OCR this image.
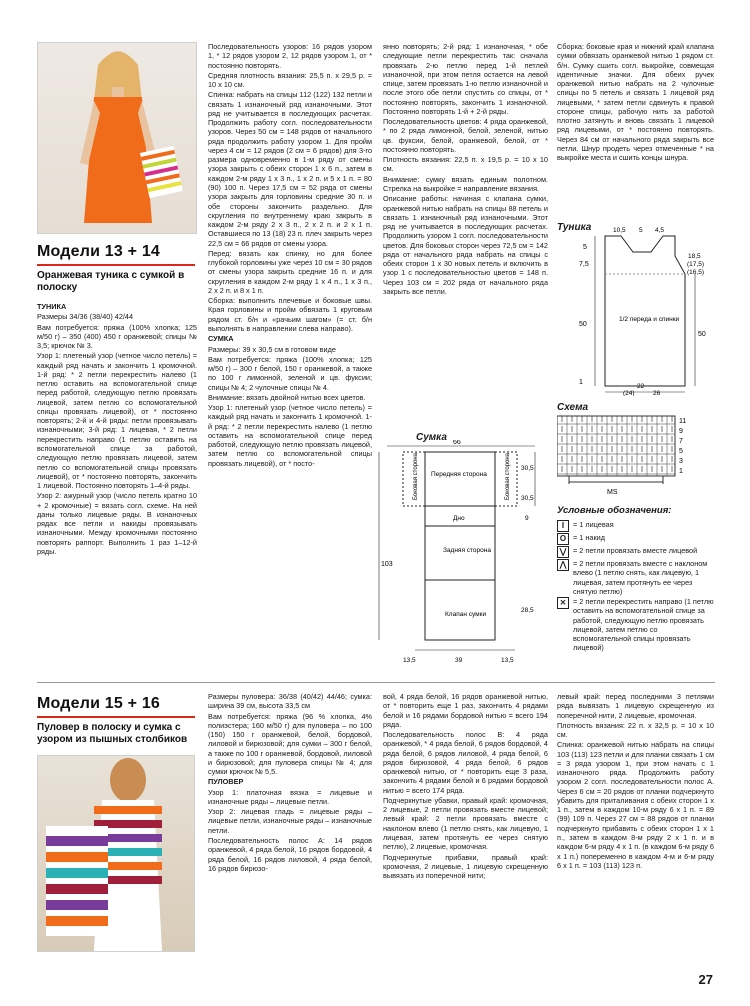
Модели 13 + 14
Оранжевая туника с сумкой в полоску

ТУНИКА

Размеры 34/36 (38/40) 42/44

Вам потребуется: пряжа (100% хлопка; 125 м/50 г) – 350 (400) 450 г оранжевой; спицы № 3,5; крючок № 3.

Узор 1: плетеный узор (четное число петель) = каждый ряд начать и закончить 1 кромочной. 1-й ряд: * 2 петли перекрестить налево (1 петлю оставить на вспомогательной спице перед работой, следующую петлю провязать лицевой, затем петлю со вспомогательной спицы провязать лицевой), от * постоянно повторять; 2-й и 4-й ряды: петли провязывать изнаночными; 3-й ряд: 1 лицевая, * 2 петли перекрестить направо (1 петлю оставить на вспомогательной спице за работой, следующую петлю провязать лицевой, затем петлю со вспомогательной спицы провязать лицевой), от * постоянно повторять, закончить 1 лицевой. Постоянно повторять 1–4-й ряды.

Узор 2: ажурный узор (число петель кратно 10 + 2 кромочные) = вязать согл. схеме. На ней даны только лицевые ряды. В изнаночных рядах все петли и накиды провязывать изнаночными. Между кромочными постоянно повторять раппорт. Выполнить 1 раз 1–12-й ряды.

Последовательность узоров: 16 рядов узором 1, * 12 рядов узором 2, 12 рядов узором 1, от * постоянно повторять.

Средняя плотность вязания: 25,5 п. х 29,5 р. = 10 х 10 см.

Спинка: набрать на спицы 112 (122) 132 петли и связать 1 изнаночный ряд изнаночными. Этот ряд не учитывается в последующих расчетах. Продолжить работу согл. последовательности узоров. Через 50 см = 148 рядов от начального ряда продолжить работу узором 1. Для пройм через 4 см = 12 рядов (2 см = 6 рядов) для 3-го размера одновременно в 1-м ряду от смены узора закрыть с обеих сторон 1 х 6 п., затем в каждом 2-м ряду 1 х 3 п., 1 х 2 п. и 5 х 1 п. = 80 (90) 100 п. Через 17,5 см = 52 ряда от смены узора закрыть для горловины средние 30 п. и обе стороны закончить раздельно. Для скругления по внутреннему краю закрыть в каждом 2-м ряду 2 х 3 п., 2 х 2 п. и 2 х 1 п. Оставшиеся по 13 (18) 23 п. плеч закрыть через 22,5 см = 66 рядов от смены узора.

Перед: вязать как спинку, но для более глубокой горловины уже через 10 см = 30 рядов от смены узора закрыть средние 16 п. и для скругления в каждом 2-м ряду 1 х 4 п., 1 х 3 п., 2 х 2 п. и 8 х 1 п.

Сборка: выполнить плечевые и боковые швы. Края горловины и пройм обвязать 1 круговым рядом ст. б/н и «рачьим шагом» (= ст. б/н выполнять в направлении слева направо).

СУМКА

Размеры: 39 х 30,5 см в готовом виде

Вам потребуется: пряжа (100% хлопка; 125 м/50 г) – 300 г белой, 150 г оранжевой, а также по 100 г лимонной, зеленой и цв. фуксии; спицы № 4; 2 чулочные спицы № 4.

Внимание: вязать двойной нитью всех цветов.

Узор 1: плетеный узор (четное число петель) = каждый ряд начать и закончить 1 кромочной. 1-й ряд: * 2 петли перекрестить налево (1 петлю оставить на вспомогательной спице перед работой, следующую петлю провязать лицевой, затем петлю со вспомогательной спицы провязать лицевой), от * посто-

янно повторять; 2-й ряд: 1 изнаночная, * обе следующие петли перекрестить так: сначала провязать 2-ю петлю перед 1-й петлей изнаночной, при этом петля остается на левой спице, затем провязать 1-ю петлю изнаночной и после этого обе петли спустить со спицы, от * постоянно повторять, закончить 1 изнаночной. Постоянно повторять 1-й + 2-й ряды.

Последовательность цветов: 4 ряда оранжевой, * по 2 ряда лимонной, белой, зеленой, нитью цв. фуксии, белой, оранжевой, белой, от * постоянно повторять.

Плотность вязания: 22,5 п. х 19,5 р. = 10 х 10 см.

Внимание: сумку вязать единым полотном. Стрелка на выкройке = направление вязания.

Описание работы: начиная с клапана сумки, оранжевой нитью набрать на спицы 88 петель и связать 1 изнаночный ряд изнаночными. Этот ряд не учитывается в последующих расчетах. Продолжить узором 1 согл. последовательности цветов. Для боковых сторон через 72,5 см = 142 ряда от начального ряда набрать на спицы с обеих сторон 1 х 30 новых петель и включить в узор 1 с последовательностью цветов = 148 п. Через 103 см = 202 ряда от начального ряда закрыть все петли.

Сборка: боковые края и нижний край клапана сумки обвязать оранжевой нитью 1 рядом ст. б/н. Сумку сшить согл. выкройке, совмещая идентичные значки. Для обеих ручек оранжевой нитью набрать на 2 чулочные спицы по 5 петель и связать 1 лицевой ряд лицевыми, * затем петли сдвинуть к правой стороне спицы, рабочую нить за работой плотно затянуть и вновь связать 1 лицевой ряд лицевыми, от * постоянно повторять. Через 84 см от начального ряда закрыть все петли. Шнур продеть через отмеченные * на выкройке места и сшить концы шнура.

Туника
5
7,5
10,5 5 4,5
18,5
(17,5)
(16,5)
1/2 переда и спинки
50
50
22
(24)	26
1
Схема
11
9
7
5
3
1
MS
Условные обозначения:
I	= 1 лицевая
O = 1 накид
⋁ = 2 петли провязать вместе лицевой
⋀ = 2 петли провязать вместе с наклоном влево (1 петлю снять, как лицевую, 1 лицевая, затем протянуть ее через снятую петлю)
⨯ = 2 петли перекрестить направо (1 петлю оставить на вспомогательной спице за работой, следующую петлю провязать лицевой, затем петлю со вспомогательной спицы провязать лицевой)
Сумка 66
Боковая сторона Передняя сторона	Боковая сторона 30,5
30,5
Дно	9
103
Задняя сторона
Клапан сумки
28,5
13,5	39	13,5
Модели 15 + 16
Пуловер в полоску и сумка с узором из пышных столбиков

Размеры пуловера: 36/38 (40/42) 44/46; сумка: ширина 39 см, высота 33,5 см

Вам потребуется: пряжа (96 % хлопка, 4% полиэстера; 160 м/50 г) для пуловера – по 100 (150) 150 г оранжевой, белой, бордовой, лиловой и бирюзовой; для сумки – 300 г белой, а также по 100 г оранжевой, бордовой, лиловой и бирюзовой; для пуловера спицы № 4; для сумки крючок № 5,5.

ПУЛОВЕР

Узор 1: платочная вязка = лицевые и изнаночные ряды – лицевые петли.

Узор 2: лицевая гладь = лицевые ряды – лицевые петли, изнаночные ряды – изнаночные петли.

Последовательность полос А: 14 рядов оранжевой, 4 ряда белой, 16 рядов бордовой, 4 ряда белой, 16 рядов лиловой, 4 ряда белой, 16 рядов бирюзо-

вой, 4 ряда белой, 16 рядов оранжевой нитью, от * повторить еще 1 раз, закончить 4 рядами белой и 16 рядами бордовой нитью = всего 194 ряда.

Последовательность полос В: 4 ряда оранжевой, * 4 ряда белой, 6 рядов бордовой, 4 ряда белой, 6 рядов лиловой, 4 ряда белой, 6 рядов бирюзовой, 4 ряда белой, 6 рядов оранжевой нитью, от * повторить еще 3 раза, закончить 4 рядами белой и 6 рядами бордовой нитью = всего 174 ряда.

Подчеркнутые убавки, правый край: кромочная, 2 лицевые, 2 петли провязать вместе лицевой; левый край: 2 петли провязать вместе с наклоном влево (1 петлю снять, как лицевую, 1 лицевая, затем протянуть ее через снятую петлю), 2 лицевые, кромочная.

Подчеркнутые прибавки, правый край: кромочная, 2 лицевые, 1 лицевую скрещенную вывязать из поперечной нити;

левый край: перед последними 3 петлями ряда вывязать 1 лицевую скрещенную из поперечной нити, 2 лицевые, кромочная.

Плотность вязания: 22 п. х 32,5 р. = 10 х 10 см.

Спинка: оранжевой нитью набрать на спицы 103 (113) 123 петли и для планки связать 1 см = 3 ряда узором 1, при этом начать с 1 изнаночного ряда. Продолжить работу узором 2 согл. последовательности полос А. Через 6 см = 20 рядов от планки подчеркнуто убавить для приталивания с обеих сторон 1 х 1 п., затем в каждом 10-м ряду 6 х 1 п. = 89 (99) 109 п. Через 27 см = 88 рядов от планки подчеркнуто прибавить с обеих сторон 1 х 1 п., затем в каждом 8-м ряду 2 х 1 п. и в каждом 6-м ряду 4 х 1 п. (в каждом 6-м ряду 6 х 1 п.) попеременно в каждом 4-м и 6-м ряду 6 х 1 п. = 103 (113) 123 п.

27
